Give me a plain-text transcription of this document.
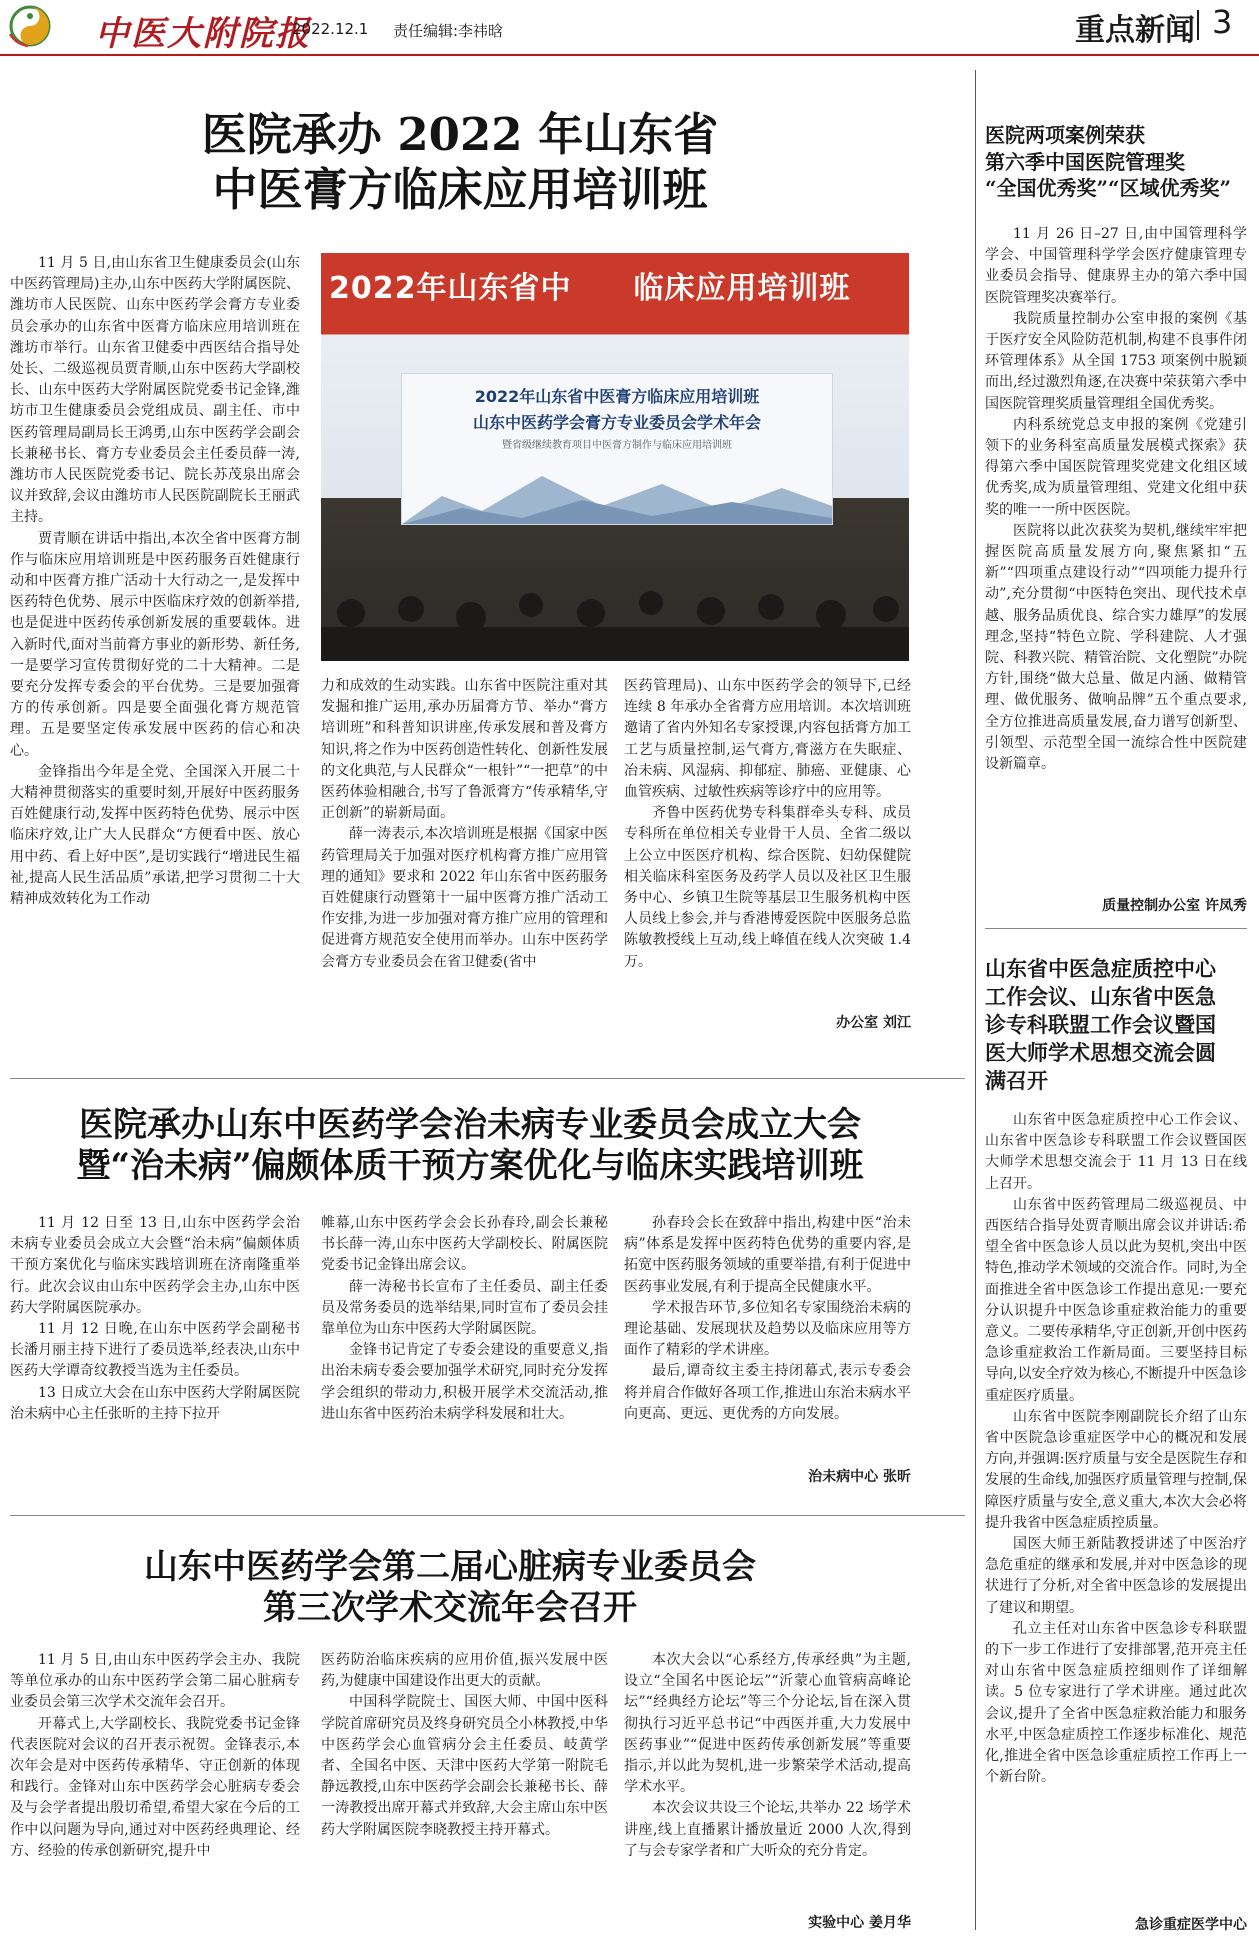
中医大附院报
2022.12.1 责任编辑:李祎晗	重点新闻 3
医院承办 2022 年山东省
中医膏方临床应用培训班

11 月 5 日,由山东省卫生健康委员会(山东中医药管理局)主办,山东中医药大学附属医院、潍坊市人民医院、山东中医药学会膏方专业委员会承办的山东省中医膏方临床应用培训班在潍坊市举行。山东省卫健委中西医结合指导处处长、二级巡视员贾青顺,山东中医药大学副校长、山东中医药大学附属医院党委书记金锋,潍坊市卫生健康委员会党组成员、副主任、市中医药管理局副局长王鸿勇,山东中医药学会副会长兼秘书长、膏方专业委员会主任委员薛一涛,潍坊市人民医院党委书记、院长苏茂泉出席会议并致辞,会议由潍坊市人民医院副院长王丽武主持。

贾青顺在讲话中指出,本次全省中医膏方制作与临床应用培训班是中医药服务百姓健康行动和中医膏方推广活动十大行动之一,是发挥中医药特色优势、展示中医临床疗效的创新举措,也是促进中医药传承创新发展的重要载体。进入新时代,面对当前膏方事业的新形势、新任务,一是要学习宣传贯彻好党的二十大精神。二是要充分发挥专委会的平台优势。三是要加强膏方的传承创新。四是要全面强化膏方规范管理。五是要坚定传承发展中医药的信心和决心。

金锋指出今年是全党、全国深入开展二十大精神贯彻落实的重要时刻,开展好中医药服务百姓健康行动,发挥中医药特色优势、展示中医临床疗效,让广大人民群众“方便看中医、放心用中药、看上好中医”,是切实践行“增进民生福祉,提高人民生活品质”承诺,把学习贯彻二十大精神成效转化为工作动

2022年山东省中　　 临床应用培训班
2022年山东省中医膏方临床应用培训班
山东中医药学会膏方专业委员会学术年会
暨省级继续教育项目中医膏方制作与临床应用培训班

力和成效的生动实践。山东省中医院注重对其发掘和推广运用,承办历届膏方节、举办“膏方培训班”和科普知识讲座,传承发展和普及膏方知识,将之作为中医药创造性转化、创新性发展的文化典范,与人民群众“一根针”“一把草”的中医药体验相融合,书写了鲁派膏方“传承精华,守正创新”的崭新局面。

薛一涛表示,本次培训班是根据《国家中医药管理局关于加强对医疗机构膏方推广应用管理的通知》要求和 2022 年山东省中医药服务百姓健康行动暨第十一届中医膏方推广活动工作安排,为进一步加强对膏方推广应用的管理和促进膏方规范安全使用而举办。山东中医药学会膏方专业委员会在省卫健委(省中

医药管理局)、山东中医药学会的领导下,已经连续 8 年承办全省膏方应用培训。本次培训班邀请了省内外知名专家授课,内容包括膏方加工工艺与质量控制,运气膏方,膏滋方在失眠症、冶未病、风湿病、抑郁症、肺癌、亚健康、心血管疾病、过敏性疾病等诊疗中的应用等。

齐鲁中医药优势专科集群牵头专科、成员专科所在单位相关专业骨干人员、全省二级以上公立中医医疗机构、综合医院、妇幼保健院相关临床科室医务及药学人员以及社区卫生服务中心、乡镇卫生院等基层卫生服务机构中医人员线上参会,并与香港博爱医院中医服务总监陈敏教授线上互动,线上峰值在线人次突破 1.4 万。

办公室 刘江
医院承办山东中医药学会治未病专业委员会成立大会
暨“治未病”偏颇体质干预方案优化与临床实践培训班

11 月 12 日至 13 日,山东中医药学会治未病专业委员会成立大会暨“治未病”偏颇体质干预方案优化与临床实践培训班在济南隆重举行。此次会议由山东中医药学会主办,山东中医药大学附属医院承办。

11 月 12 日晚,在山东中医药学会副秘书长潘月丽主持下进行了委员选举,经表决,山东中医药大学谭奇纹教授当选为主任委员。

13 日成立大会在山东中医药大学附属医院治未病中心主任张昕的主持下拉开

帷幕,山东中医药学会会长孙春玲,副会长兼秘书长薛一涛,山东中医药大学副校长、附属医院党委书记金锋出席会议。

薛一涛秘书长宣布了主任委员、副主任委员及常务委员的选举结果,同时宣布了委员会挂靠单位为山东中医药大学附属医院。

金锋书记肯定了专委会建设的重要意义,指出治未病专委会要加强学术研究,同时充分发挥学会组织的带动力,积极开展学术交流活动,推进山东省中医药治未病学科发展和壮大。

孙春玲会长在致辞中指出,构建中医“治未病”体系是发挥中医药特色优势的重要内容,是拓宽中医药服务领域的重要举措,有利于促进中医药事业发展,有利于提高全民健康水平。

学术报告环节,多位知名专家围绕治未病的理论基础、发展现状及趋势以及临床应用等方面作了精彩的学术讲座。

最后,谭奇纹主委主持闭幕式,表示专委会将并肩合作做好各项工作,推进山东治未病水平向更高、更远、更优秀的方向发展。

治未病中心 张昕
山东中医药学会第二届心脏病专业委员会
第三次学术交流年会召开

11 月 5 日,由山东中医药学会主办、我院等单位承办的山东中医药学会第二届心脏病专业委员会第三次学术交流年会召开。

开幕式上,大学副校长、我院党委书记金锋代表医院对会议的召开表示祝贺。金锋表示,本次年会是对中医药传承精华、守正创新的体现和践行。金锋对山东中医药学会心脏病专委会及与会学者提出殷切希望,希望大家在今后的工作中以问题为导向,通过对中医药经典理论、经方、经验的传承创新研究,提升中

医药防治临床疾病的应用价值,振兴发展中医药,为健康中国建设作出更大的贡献。

中国科学院院士、国医大师、中国中医科学院首席研究员及终身研究员仝小林教授,中华中医药学会心血管病分会主任委员、岐黄学者、全国名中医、天津中医药大学第一附院毛静远教授,山东中医药学会副会长兼秘书长、薛一涛教授出席开幕式并致辞,大会主席山东中医药大学附属医院李晓教授主持开幕式。

本次大会以“心系经方,传承经典”为主题,设立“全国名中医论坛”“沂蒙心血管病高峰论坛”“经典经方论坛”等三个分论坛,旨在深入贯彻执行习近平总书记“中西医并重,大力发展中医药事业”“促进中医药传承创新发展”等重要指示,并以此为契机,进一步繁荣学术活动,提高学术水平。

本次会议共设三个论坛,共举办 22 场学术讲座,线上直播累计播放量近 2000 人次,得到了与会专家学者和广大听众的充分肯定。

实验中心 姜月华
医院两项案例荣获
第六季中国医院管理奖
“全国优秀奖”“区域优秀奖”

11 月 26 日–27 日,由中国管理科学学会、中国管理科学学会医疗健康管理专业委员会指导、健康界主办的第六季中国医院管理奖决赛举行。

我院质量控制办公室申报的案例《基于医疗安全风险防范机制,构建不良事件闭环管理体系》从全国 1753 项案例中脱颖而出,经过激烈角逐,在决赛中荣获第六季中国医院管理奖质量管理组全国优秀奖。

内科系统党总支申报的案例《党建引领下的业务科室高质量发展模式探索》获得第六季中国医院管理奖党建文化组区域优秀奖,成为质量管理组、党建文化组中获奖的唯一一所中医医院。

医院将以此次获奖为契机,继续牢牢把握医院高质量发展方向,聚焦紧扣“五新”“四项重点建设行动”“四项能力提升行动”,充分贯彻“中医特色突出、现代技术卓越、服务品质优良、综合实力雄厚”的发展理念,坚持“特色立院、学科建院、人才强院、科教兴院、精管治院、文化塑院”办院方针,围绕“做大总量、做足内涵、做精管理、做优服务、做响品牌”五个重点要求,全方位推进高质量发展,奋力谱写创新型、引领型、示范型全国一流综合性中医院建设新篇章。

质量控制办公室 许凤秀
山东省中医急症质控中心
工作会议、山东省中医急
诊专科联盟工作会议暨国
医大师学术思想交流会圆
满召开

山东省中医急症质控中心工作会议、山东省中医急诊专科联盟工作会议暨国医大师学术思想交流会于 11 月 13 日在线上召开。

山东省中医药管理局二级巡视员、中西医结合指导处贾青顺出席会议并讲话:希望全省中医急诊人员以此为契机,突出中医特色,推动学术领域的交流合作。同时,为全面推进全省中医急诊工作提出意见:一要充分认识提升中医急诊重症救治能力的重要意义。二要传承精华,守正创新,开创中医药急诊重症救治工作新局面。三要坚持目标导向,以安全疗效为核心,不断提升中医急诊重症医疗质量。

山东省中医院李刚副院长介绍了山东省中医院急诊重症医学中心的概况和发展方向,并强调:医疗质量与安全是医院生存和发展的生命线,加强医疗质量管理与控制,保障医疗质量与安全,意义重大,本次大会必将提升我省中医急症质控质量。

国医大师王新陆教授讲述了中医治疗急危重症的继承和发展,并对中医急诊的现状进行了分析,对全省中医急诊的发展提出了建议和期望。

孔立主任对山东省中医急诊专科联盟的下一步工作进行了安排部署,范开亮主任对山东省中医急症质控细则作了详细解读。5 位专家进行了学术讲座。通过此次会议,提升了全省中医急症救治能力和服务水平,中医急症质控工作逐步标准化、规范化,推进全省中医急诊重症质控工作再上一个新台阶。

急诊重症医学中心
